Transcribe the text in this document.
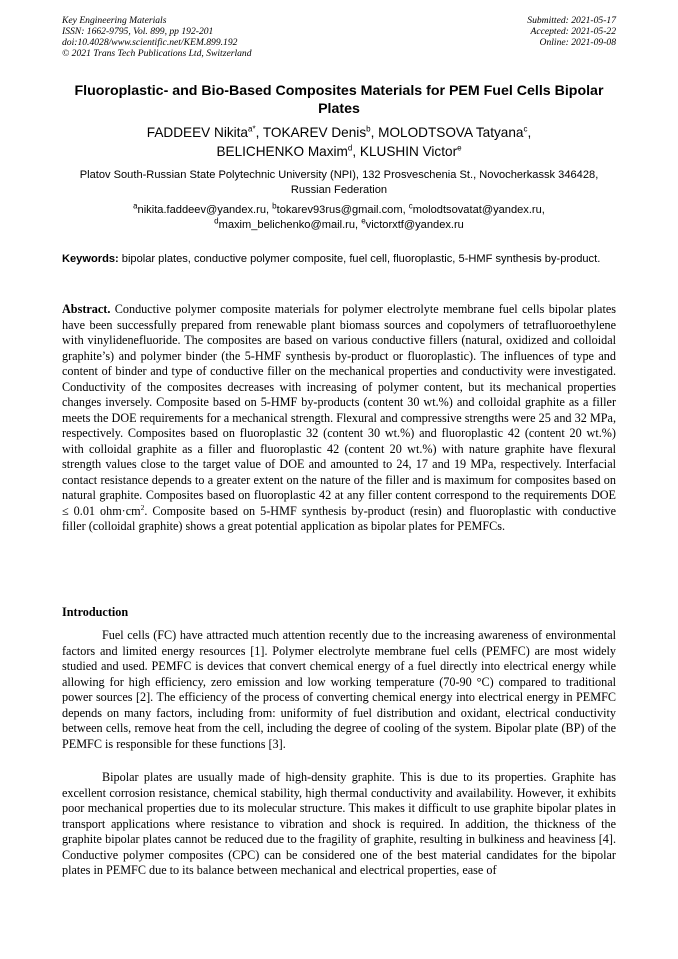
Key Engineering Materials
ISSN: 1662-9795, Vol. 899, pp 192-201
doi:10.4028/www.scientific.net/KEM.899.192
© 2021 Trans Tech Publications Ltd, Switzerland
Submitted: 2021-05-17
Accepted: 2021-05-22
Online: 2021-09-08
Fluoroplastic- and Bio-Based Composites Materials for PEM Fuel Cells Bipolar Plates
FADDEEV Nikita$^{a*}$, TOKAREV Denis$^b$, MOLODTSOVA Tatyana$^c$,
BELICHENKO Maxim$^d$, KLUSHIN Victor$^e$
Platov South-Russian State Polytechnic University (NPI), 132 Prosveschenia St., Novocherkassk 346428, Russian Federation
$^a$nikita.faddeev@yandex.ru, $^b$tokarev93rus@gmail.com, $^c$molodtsovatat@yandex.ru,
$^d$maxim_belichenko@mail.ru, $^e$victorxtf@yandex.ru
Keywords: bipolar plates, conductive polymer composite, fuel cell, fluoroplastic, 5-HMF synthesis by-product.
Abstract. Conductive polymer composite materials for polymer electrolyte membrane fuel cells bipolar plates have been successfully prepared from renewable plant biomass sources and copolymers of tetrafluoroethylene with vinylidenefluoride. The composites are based on various conductive fillers (natural, oxidized and colloidal graphite’s) and polymer binder (the 5-HMF synthesis by-product or fluoroplastic). The influences of type and content of binder and type of conductive filler on the mechanical properties and conductivity were investigated. Conductivity of the composites decreases with increasing of polymer content, but its mechanical properties changes inversely. Composite based on 5-HMF by-products (content 30 wt.%) and colloidal graphite as a filler meets the DOE requirements for a mechanical strength. Flexural and compressive strengths were 25 and 32 MPa, respectively. Composites based on fluoroplastic 32 (content 30 wt.%) and fluoroplastic 42 (content 20 wt.%) with colloidal graphite as a filler and fluoroplastic 42 (content 20 wt.%) with nature graphite have flexural strength values close to the target value of DOE and amounted to 24, 17 and 19 MPa, respectively. Interfacial contact resistance depends to a greater extent on the nature of the filler and is maximum for composites based on natural graphite. Composites based on fluoroplastic 42 at any filler content correspond to the requirements DOE ≤ 0.01 $ohm\cdot cm^2$. Composite based on 5-HMF synthesis by-product (resin) and fluoroplastic with conductive filler (colloidal graphite) shows a great potential application as bipolar plates for PEMFCs.
Introduction

Fuel cells (FC) have attracted much attention recently due to the increasing awareness of environmental factors and limited energy resources [1]. Polymer electrolyte membrane fuel cells (PEMFC) are most widely studied and used. PEMFC is devices that convert chemical energy of a fuel directly into electrical energy while allowing for high efficiency, zero emission and low working temperature (70-90 °C) compared to traditional power sources [2]. The efficiency of the process of converting chemical energy into electrical energy in PEMFC depends on many factors, including from: uniformity of fuel distribution and oxidant, electrical conductivity between cells, remove heat from the cell, including the degree of cooling of the system. Bipolar plate (BP) of the PEMFC is responsible for these functions [3].

Bipolar plates are usually made of high-density graphite. This is due to its properties. Graphite has excellent corrosion resistance, chemical stability, high thermal conductivity and availability. However, it exhibits poor mechanical properties due to its molecular structure. This makes it difficult to use graphite bipolar plates in transport applications where resistance to vibration and shock is required. In addition, the thickness of the graphite bipolar plates cannot be reduced due to the fragility of graphite, resulting in bulkiness and heaviness [4]. Conductive polymer composites (CPC) can be considered one of the best material candidates for the bipolar plates in PEMFC due to its balance between mechanical and electrical properties, ease of
